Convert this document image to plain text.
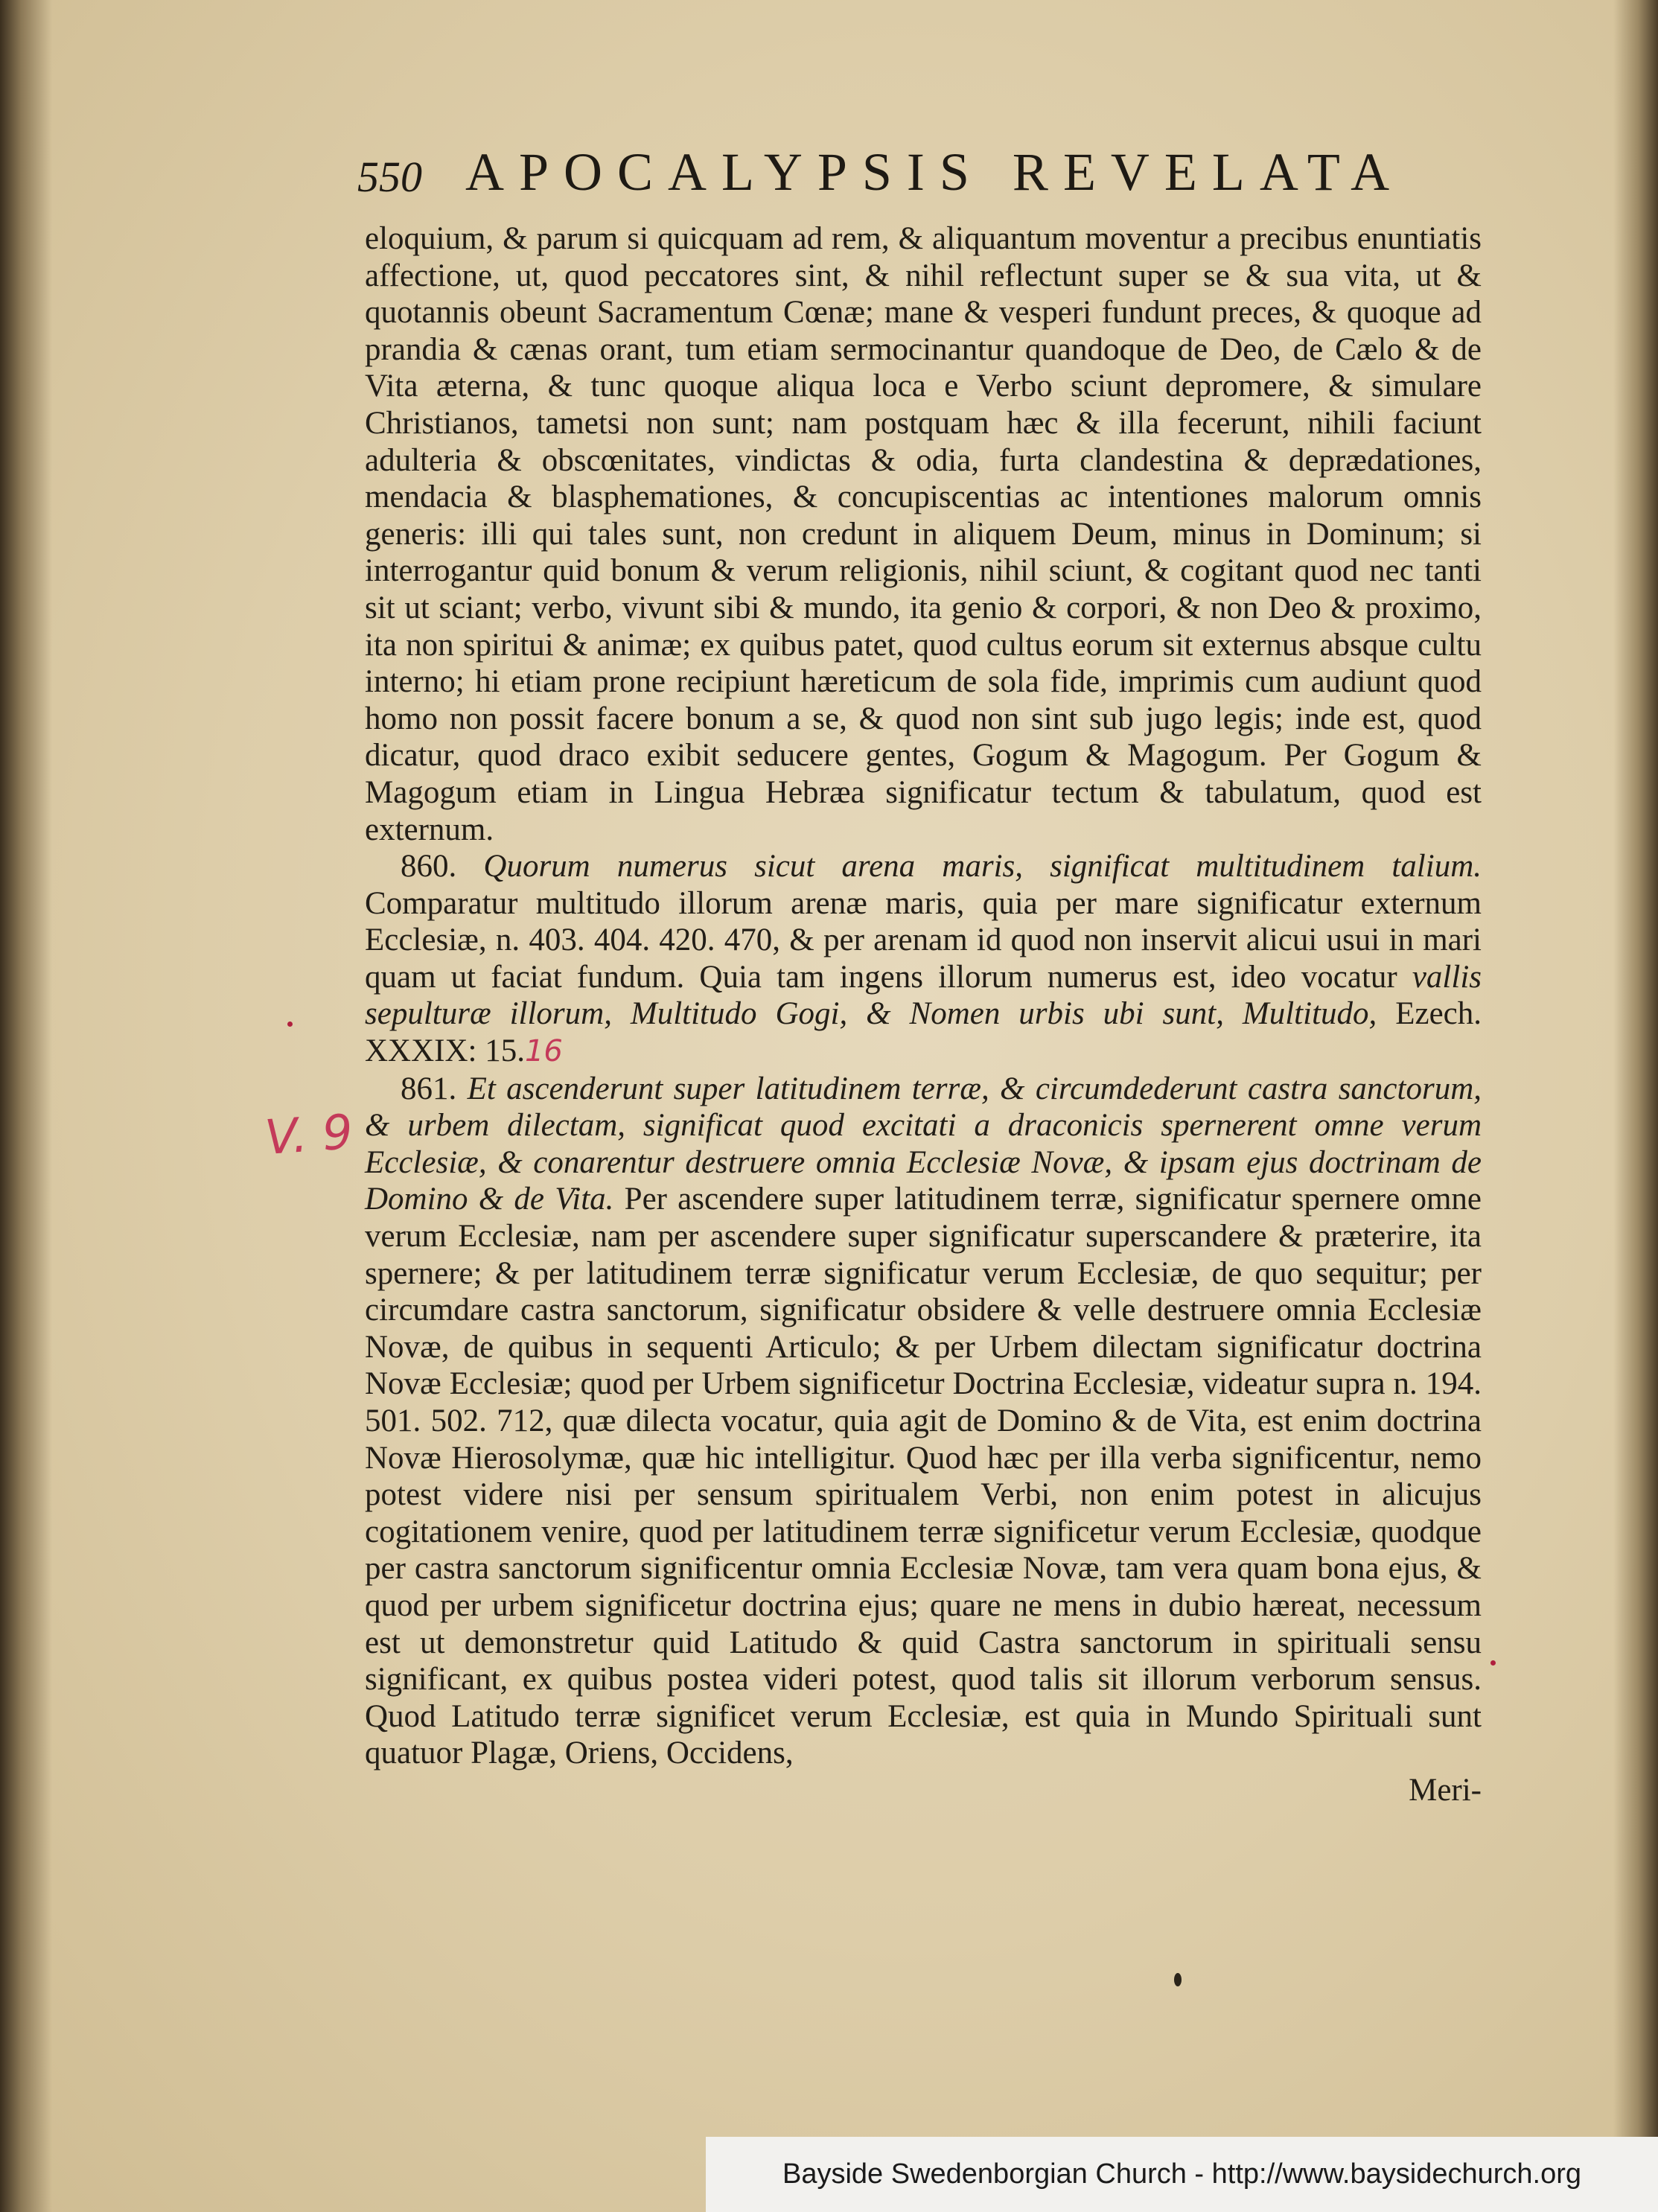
550 APOCALYPSIS REVELATA
V. 9

eloquium, & parum si quicquam ad rem, & aliquantum moventur a precibus enuntiatis affectione, ut, quod peccatores sint, & nihil reflectunt super se & sua vita, ut & quotannis obeunt Sacramentum Cœnæ; mane & vesperi fundunt preces, & quoque ad prandia & cænas orant, tum etiam sermocinantur quandoque de Deo, de Cælo & de Vita æterna, & tunc quoque aliqua loca e Verbo sciunt depromere, & simulare Christianos, tametsi non sunt; nam postquam hæc & illa fecerunt, nihili faciunt adulteria & obscœnitates, vindictas & odia, furta clandestina & deprædationes, mendacia & blasphemationes, & concupiscentias ac intentiones malorum omnis generis: illi qui tales sunt, non credunt in aliquem Deum, minus in Dominum; si interrogantur quid bonum & verum religionis, nihil sciunt, & cogitant quod nec tanti sit ut sciant; verbo, vivunt sibi & mundo, ita genio & corpori, & non Deo & proximo, ita non spiritui & animæ; ex quibus patet, quod cultus eorum sit externus absque cultu interno; hi etiam prone recipiunt hæreticum de sola fide, imprimis cum audiunt quod homo non possit facere bonum a se, & quod non sint sub jugo legis; inde est, quod dicatur, quod draco exibit seducere gentes, Gogum & Magogum. Per Gogum & Magogum etiam in Lingua Hebræa significatur tectum & tabulatum, quod est externum.

860. Quorum numerus sicut arena maris, significat multitudinem talium. Comparatur multitudo illorum arenæ maris, quia per mare significatur externum Ecclesiæ, n. 403. 404. 420. 470, & per arenam id quod non inservit alicui usui in mari quam ut faciat fundum. Quia tam ingens illorum numerus est, ideo vocatur vallis sepulturæ illorum, Multitudo Gogi, & Nomen urbis ubi sunt, Multitudo, Ezech. XXXIX: 15.16

861. Et ascenderunt super latitudinem terræ, & circumdederunt castra sanctorum, & urbem dilectam, significat quod excitati a draconicis spernerent omne verum Ecclesiæ, & conarentur destruere omnia Ecclesiæ Novæ, & ipsam ejus doctrinam de Domino & de Vita. Per ascendere super latitudinem terræ, significatur spernere omne verum Ecclesiæ, nam per ascendere super significatur superscandere & præterire, ita spernere; & per latitudinem terræ significatur verum Ecclesiæ, de quo sequitur; per circumdare castra sanctorum, significatur obsidere & velle destruere omnia Ecclesiæ Novæ, de quibus in sequenti Articulo; & per Urbem dilectam significatur doctrina Novæ Ecclesiæ; quod per Urbem significetur Doctrina Ecclesiæ, videatur supra n. 194. 501. 502. 712, quæ dilecta vocatur, quia agit de Domino & de Vita, est enim doctrina Novæ Hierosolymæ, quæ hic intelligitur. Quod hæc per illa verba significentur, nemo potest videre nisi per sensum spiritualem Verbi, non enim potest in alicujus cogitationem venire, quod per latitudinem terræ significetur verum Ecclesiæ, quodque per castra sanctorum significentur omnia Ecclesiæ Novæ, tam vera quam bona ejus, & quod per urbem significetur doctrina ejus; quare ne mens in dubio hæreat, necessum est ut demonstretur quid Latitudo & quid Castra sanctorum in spirituali sensu significant, ex quibus postea videri potest, quod talis sit illorum verborum sensus. Quod Latitudo terræ significet verum Ecclesiæ, est quia in Mundo Spirituali sunt quatuor Plagæ, Oriens, Occidens,

Meri-

Bayside Swedenborgian Church - http://www.baysidechurch.org
